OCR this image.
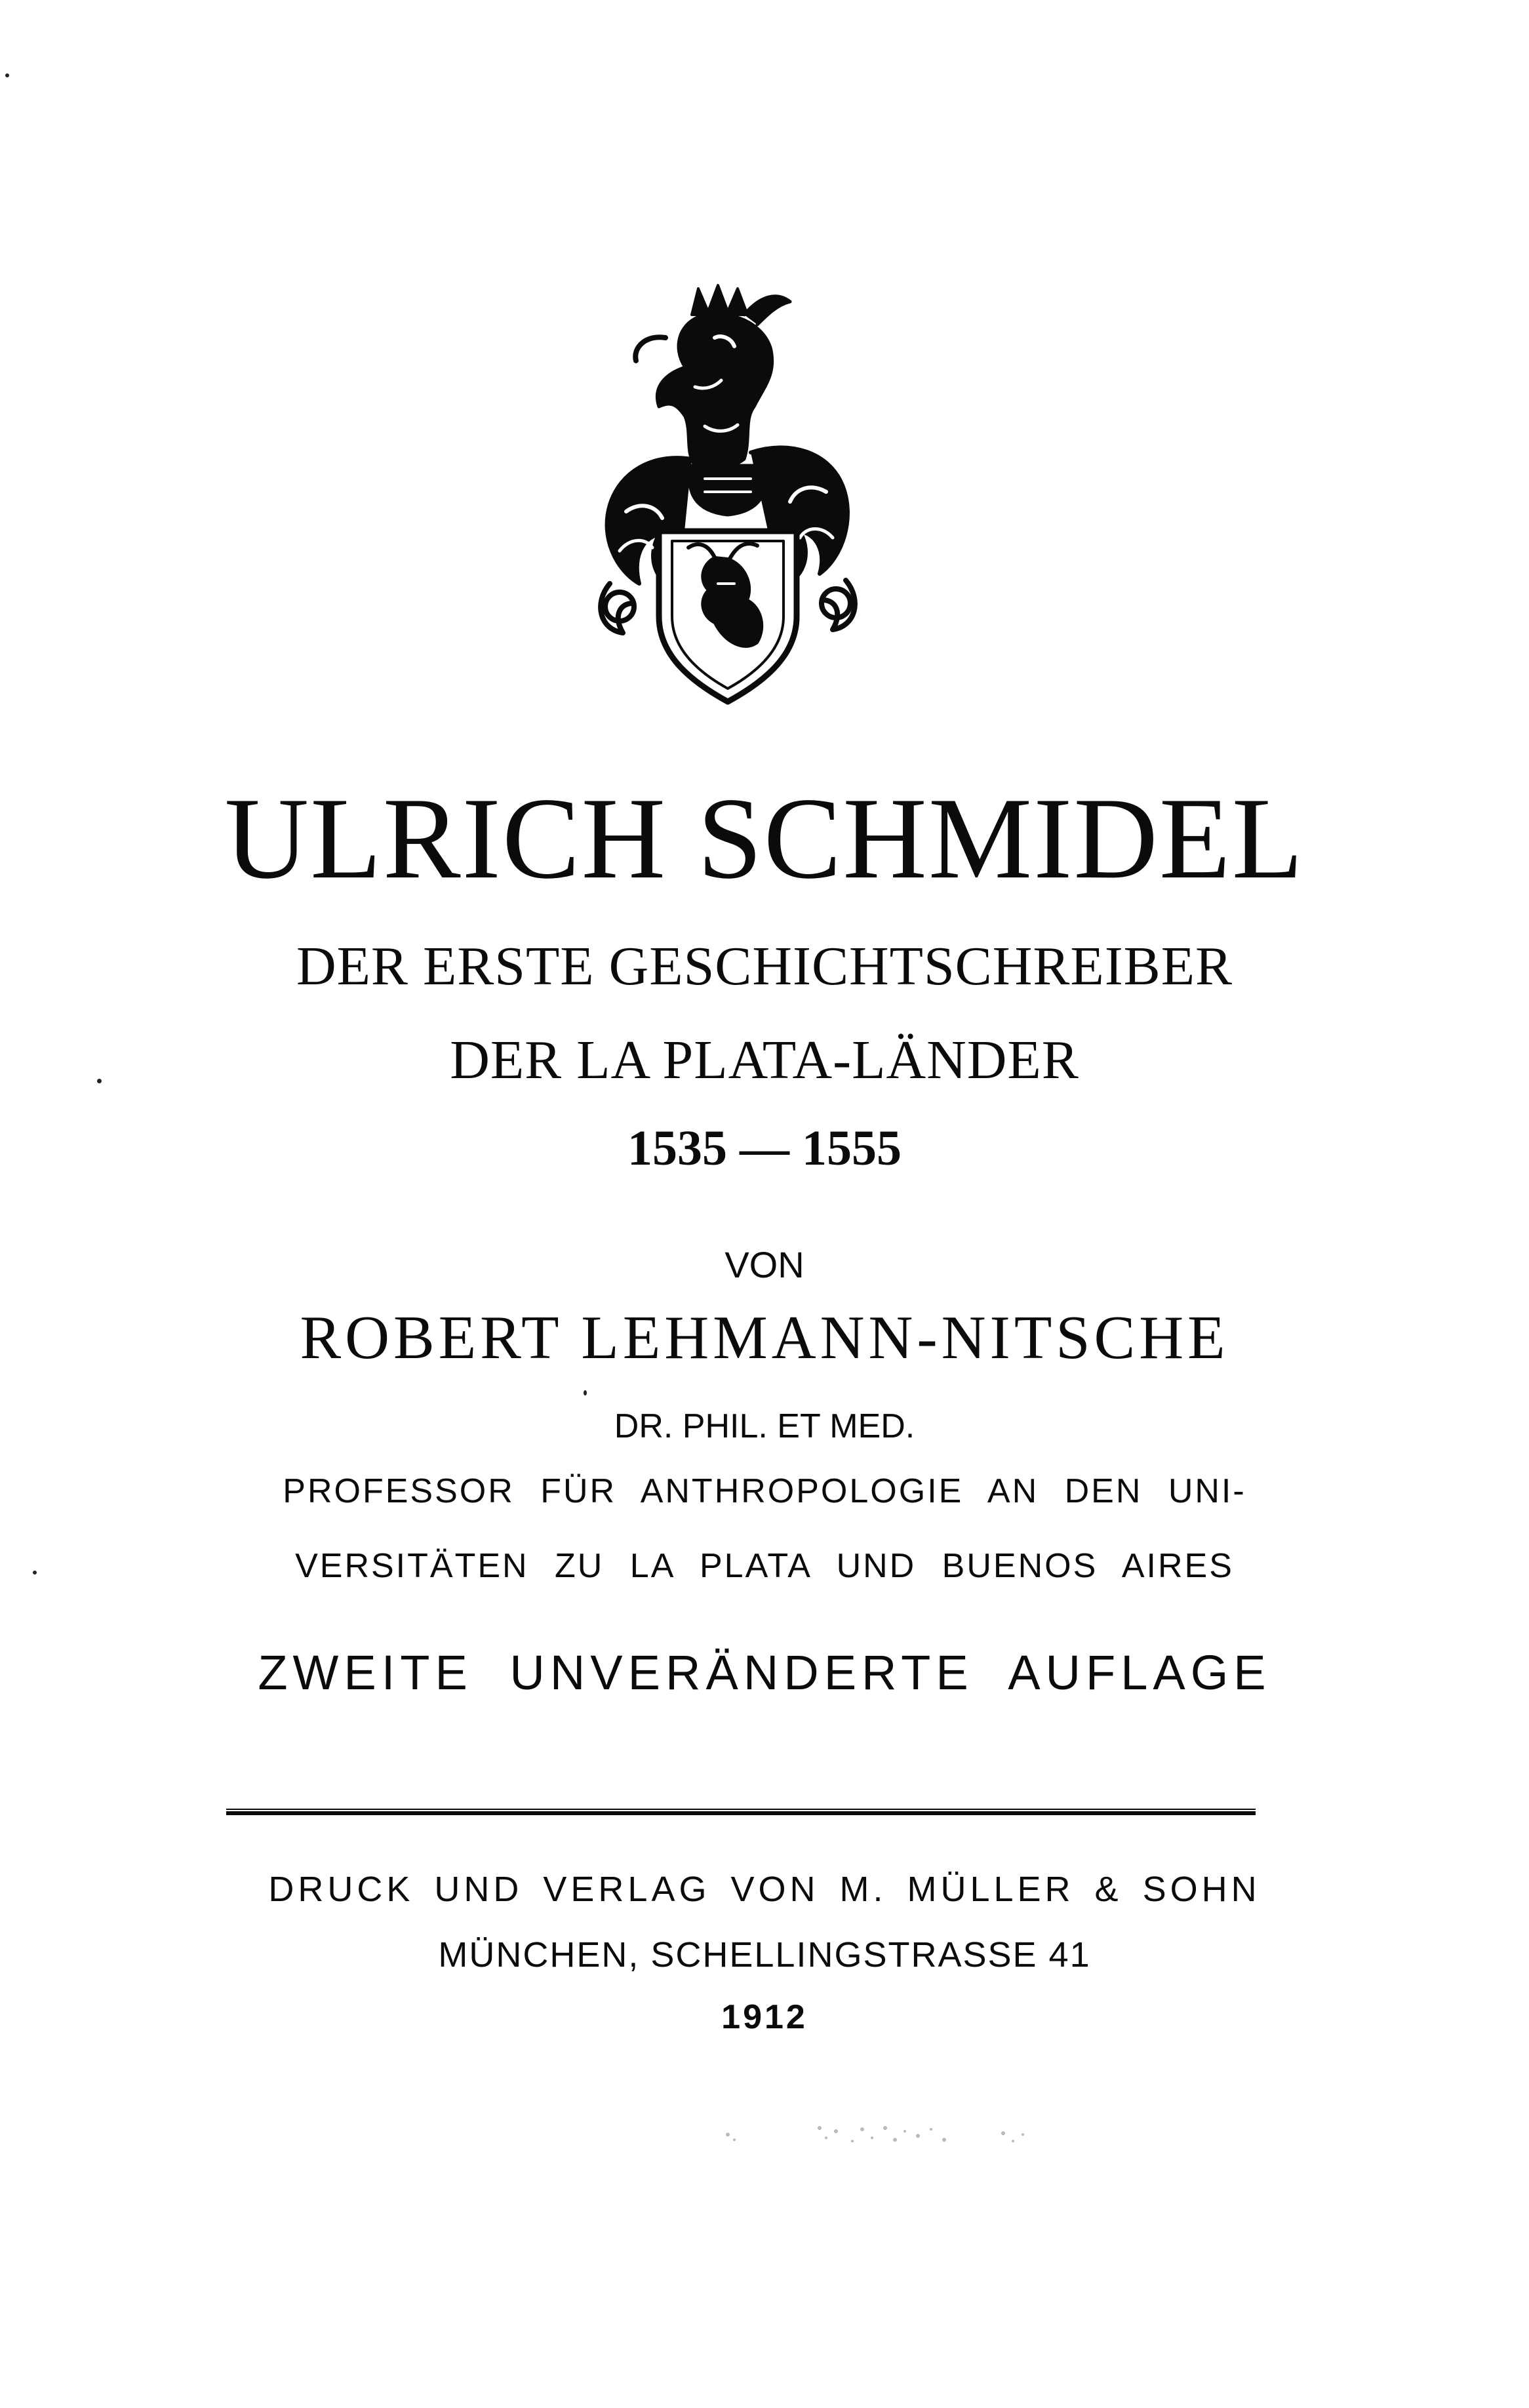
ULRICH SCHMIDEL
DER ERSTE GESCHICHTSCHREIBER
DER LA PLATA-LÄNDER
1535 — 1555
VON
ROBERT LEHMANN-NITSCHE
DR. PHIL. ET MED.
PROFESSOR FÜR ANTHROPOLOGIE AN DEN UNI-
VERSITÄTEN ZU LA PLATA UND BUENOS AIRES
ZWEITE UNVERÄNDERTE AUFLAGE
DRUCK UND VERLAG VON M. MÜLLER & SOHN
MÜNCHEN, SCHELLINGSTRASSE 41
1912
